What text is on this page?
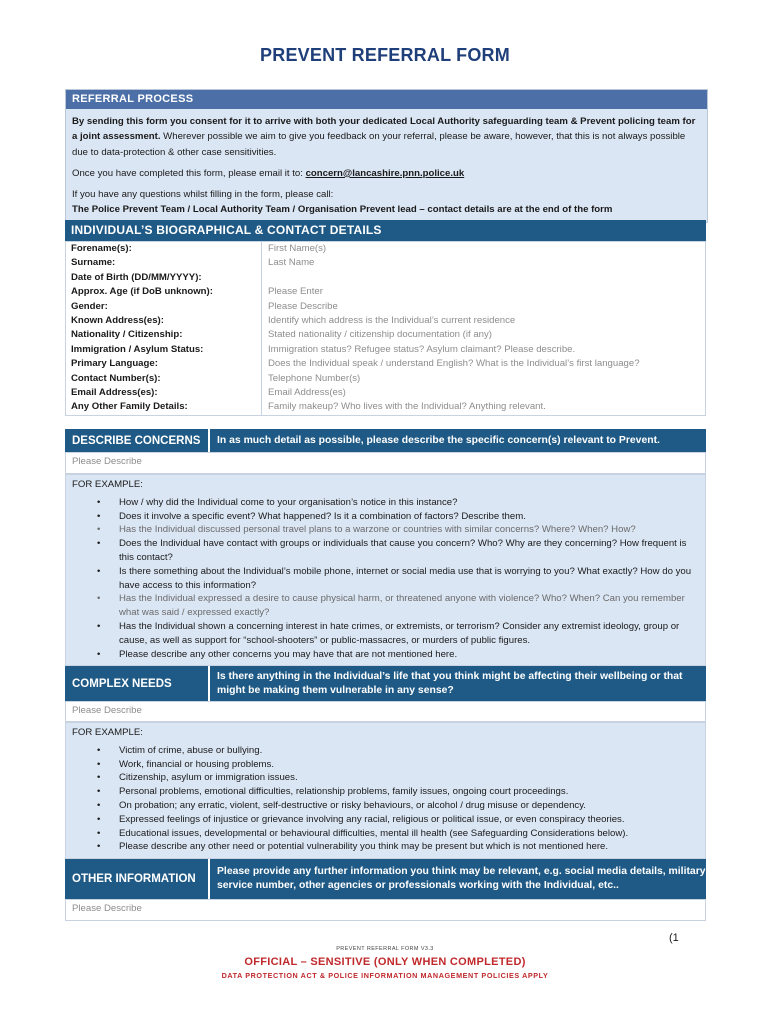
PREVENT REFERRAL FORM
REFERRAL PROCESS

By sending this form you consent for it to arrive with both your dedicated Local Authority safeguarding team & Prevent policing team for a joint assessment. Wherever possible we aim to give you feedback on your referral, please be aware, however, that this is not always possible due to data-protection & other case sensitivities.

Once you have completed this form, please email it to: concern@lancashire.pnn.police.uk

If you have any questions whilst filling in the form, please call:

The Police Prevent Team / Local Authority Team / Organisation Prevent lead – contact details are at the end of the form

INDIVIDUAL’S BIOGRAPHICAL & CONTACT DETAILS
Forename(s):	First Name(s)
Surname:	Last Name
Date of Birth (DD/MM/YYYY):
Approx. Age (if DoB unknown):	Please Enter
Gender:	Please Describe
Known Address(es):	Identify which address is the Individual’s current residence
Nationality / Citizenship:	Stated nationality / citizenship documentation (if any)
Immigration / Asylum Status:	Immigration status? Refugee status? Asylum claimant? Please describe.
Primary Language:	Does the Individual speak / understand English? What is the Individual’s first language?
Contact Number(s):	Telephone Number(s)
Email Address(es):	Email Address(es)
Any Other Family Details:	Family makeup? Who lives with the Individual? Anything relevant.
DESCRIBE CONCERNS	In as much detail as possible, please describe the specific concern(s) relevant to Prevent.
Please Describe
FOR EXAMPLE:
• How / why did the Individual come to your organisation’s notice in this instance?
• Does it involve a specific event? What happened? Is it a combination of factors? Describe them.
• Has the Individual discussed personal travel plans to a warzone or countries with similar concerns? Where? When? How?
• Does the Individual have contact with groups or individuals that cause you concern? Who? Why are they concerning? How frequent is this contact?
• Is there something about the Individual’s mobile phone, internet or social media use that is worrying to you? What exactly? How do you have access to this information?
• Has the Individual expressed a desire to cause physical harm, or threatened anyone with violence? Who? When? Can you remember what was said / expressed exactly?
• Has the Individual shown a concerning interest in hate crimes, or extremists, or terrorism? Consider any extremist ideology, group or cause, as well as support for “school-shooters” or public-massacres, or murders of public figures.
• Please describe any other concerns you may have that are not mentioned here.
COMPLEX NEEDS
Is there anything in the Individual’s life that you think might be affecting their wellbeing or that might be making them vulnerable in any sense?
Please Describe
FOR EXAMPLE:
• Victim of crime, abuse or bullying.
• Work, financial or housing problems.
• Citizenship, asylum or immigration issues.
• Personal problems, emotional difficulties, relationship problems, family issues, ongoing court proceedings.
• On probation; any erratic, violent, self-destructive or risky behaviours, or alcohol / drug misuse or dependency.
• Expressed feelings of injustice or grievance involving any racial, religious or political issue, or even conspiracy theories.
• Educational issues, developmental or behavioural difficulties, mental ill health (see Safeguarding Considerations below).
• Please describe any other need or potential vulnerability you think may be present but which is not mentioned here.
OTHER INFORMATION
Please provide any further information you think may be relevant, e.g. social media details, military service number, other agencies or professionals working with the Individual, etc..
Please Describe
(1
PREVENT REFERRAL FORM V3.3
OFFICIAL – SENSITIVE (ONLY WHEN COMPLETED)
DATA PROTECTION ACT & POLICE INFORMATION MANAGEMENT POLICIES APPLY
